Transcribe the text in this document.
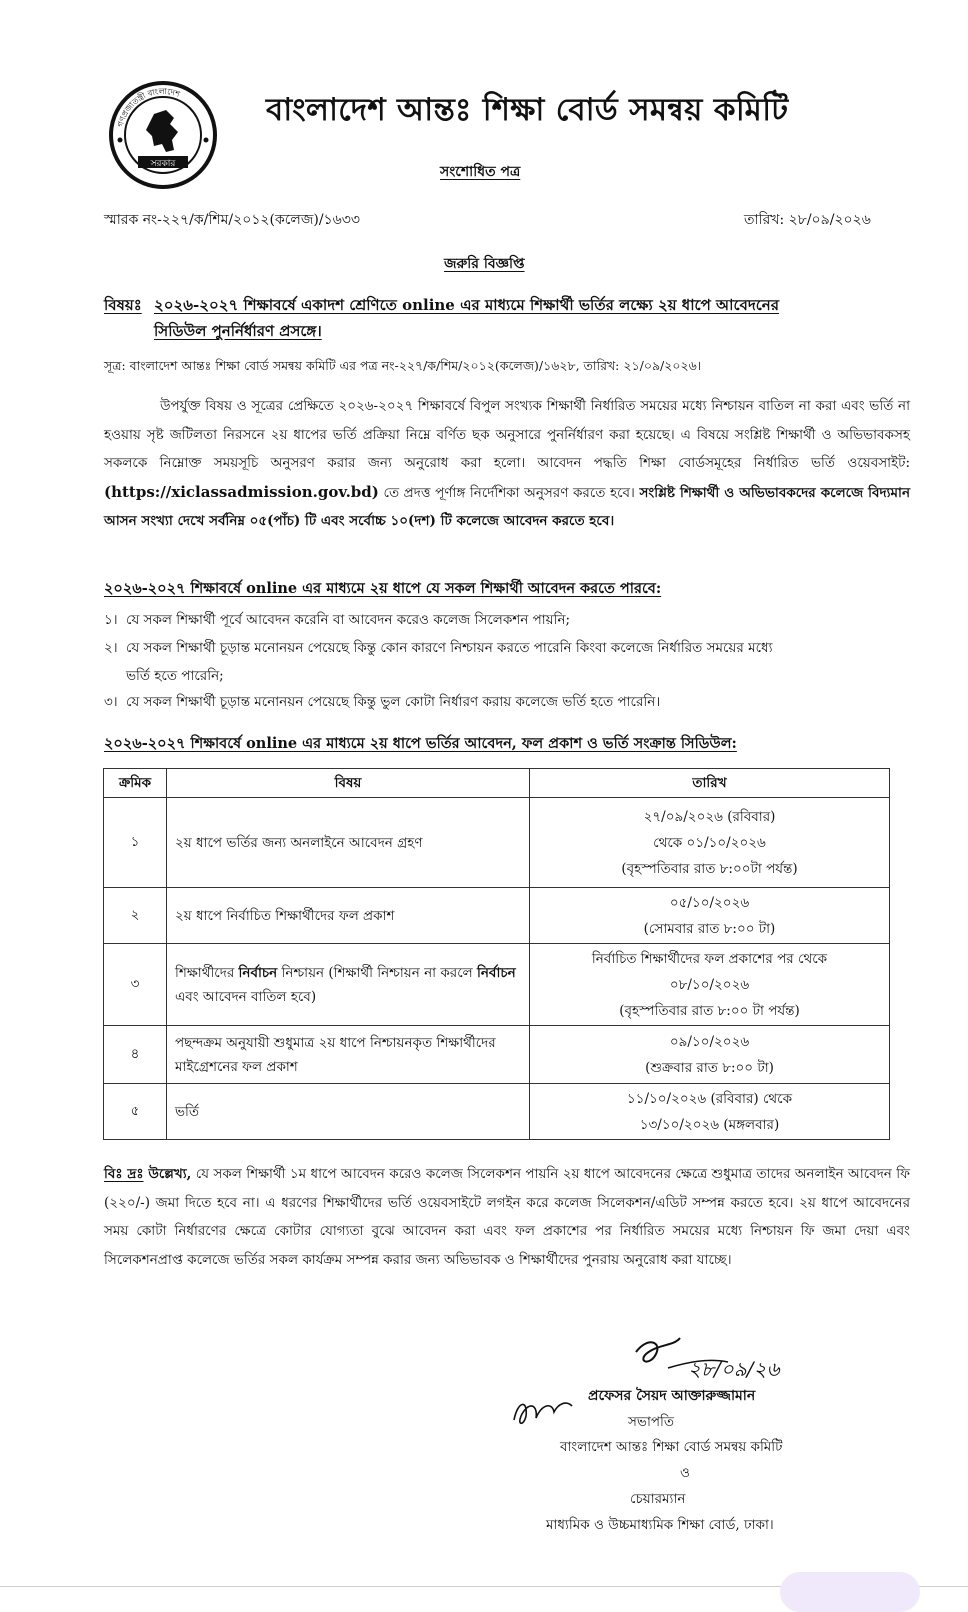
সরকার
গণপ্রজাতন্ত্রী বাংলাদেশ	বাংলাদেশ আন্তঃ শিক্ষা বোর্ড সমন্বয় কমিটি
সংশোধিত পত্র
স্মারক নং-২২৭/ক/শিম/২০১২(কলেজ)/১৬৩৩	তারিখ: ২৮/০৯/২০২৬
জরুরি বিজ্ঞপ্তি
বিষয়ঃ ২০২৬-২০২৭ শিক্ষাবর্ষে একাদশ শ্রেণিতে online এর মাধ্যমে শিক্ষার্থী ভর্তির লক্ষ্যে ২য় ধাপে আবেদনের
সিডিউল পুনর্নির্ধারণ প্রসঙ্গে।
সূত্র: বাংলাদেশ আন্তঃ শিক্ষা বোর্ড সমন্বয় কমিটি এর পত্র নং-২২৭/ক/শিম/২০১২(কলেজ)/১৬২৮, তারিখ: ২১/০৯/২০২৬।
উপর্যুক্ত বিষয় ও সূত্রের প্রেক্ষিতে ২০২৬-২০২৭ শিক্ষাবর্ষে বিপুল সংখ্যক শিক্ষার্থী নির্ধারিত সময়ের মধ্যে নিশ্চায়ন বাতিল না করা এবং ভর্তি না হওয়ায় সৃষ্ট জটিলতা নিরসনে ২য় ধাপের ভর্তি প্রক্রিয়া নিম্নে বর্ণিত ছক অনুসারে পুনর্নির্ধারণ করা হয়েছে। এ বিষয়ে সংশ্লিষ্ট শিক্ষার্থী ও অভিভাবকসহ সকলকে নিম্নোক্ত সময়সূচি অনুসরণ করার জন্য অনুরোধ করা হলো। আবেদন পদ্ধতি শিক্ষা বোর্ডসমূহের নির্ধারিত ভর্তি ওয়েবসাইট: (https://xiclassadmission.gov.bd) তে প্রদত্ত পূর্ণাঙ্গ নির্দেশিকা অনুসরণ করতে হবে। সংশ্লিষ্ট শিক্ষার্থী ও অভিভাবকদের কলেজে বিদ্যমান আসন সংখ্যা দেখে সর্বনিম্ন ০৫(পাঁচ) টি এবং সর্বোচ্চ ১০(দশ) টি কলেজে আবেদন করতে হবে।
২০২৬-২০২৭ শিক্ষাবর্ষে online এর মাধ্যমে ২য় ধাপে যে সকল শিক্ষার্থী আবেদন করতে পারবে:
১। যে সকল শিক্ষার্থী পূর্বে আবেদন করেনি বা আবেদন করেও কলেজ সিলেকশন পায়নি;
২। যে সকল শিক্ষার্থী চূড়ান্ত মনোনয়ন পেয়েছে কিন্তু কোন কারণে নিশ্চায়ন করতে পারেনি কিংবা কলেজে নির্ধারিত সময়ের মধ্যে
ভর্তি হতে পারেনি;
৩। যে সকল শিক্ষার্থী চূড়ান্ত মনোনয়ন পেয়েছে কিন্তু ভুল কোটা নির্ধারণ করায় কলেজে ভর্তি হতে পারেনি।
২০২৬-২০২৭ শিক্ষাবর্ষে online এর মাধ্যমে ২য় ধাপে ভর্তির আবেদন, ফল প্রকাশ ও ভর্তি সংক্রান্ত সিডিউল:
ক্রমিক	বিষয়	তারিখ
১	২য় ধাপে ভর্তির জন্য অনলাইনে আবেদন গ্রহণ	২৭/০৯/২০২৬ (রবিবার)
থেকে ০১/১০/২০২৬
(বৃহস্পতিবার রাত ৮:০০টা পর্যন্ত)

২	২য় ধাপে নির্বাচিত শিক্ষার্থীদের ফল প্রকাশ	০৫/১০/২০২৬
(সোমবার রাত ৮:০০ টা)

৩	শিক্ষার্থীদের নির্বাচন নিশ্চায়ন (শিক্ষার্থী নিশ্চায়ন না করলে নির্বাচন এবং আবেদন বাতিল হবে)	নির্বাচিত শিক্ষার্থীদের ফল প্রকাশের পর থেকে
০৮/১০/২০২৬
(বৃহস্পতিবার রাত ৮:০০ টা পর্যন্ত)

৪	পছন্দক্রম অনুযায়ী শুধুমাত্র ২য় ধাপে নিশ্চায়নকৃত শিক্ষার্থীদের মাইগ্রেশনের ফল প্রকাশ	০৯/১০/২০২৬
(শুক্রবার রাত ৮:০০ টা)

৫	ভর্তি	১১/১০/২০২৬ (রবিবার) থেকে
১৩/১০/২০২৬ (মঙ্গলবার)
বিঃ দ্রঃ উল্লেখ্য, যে সকল শিক্ষার্থী ১ম ধাপে আবেদন করেও কলেজ সিলেকশন পায়নি ২য় ধাপে আবেদনের ক্ষেত্রে শুধুমাত্র তাদের অনলাইন আবেদন ফি (২২০/-) জমা দিতে হবে না। এ ধরণের শিক্ষার্থীদের ভর্তি ওয়েবসাইটে লগইন করে কলেজ সিলেকশন/এডিট সম্পন্ন করতে হবে। ২য় ধাপে আবেদনের সময় কোটা নির্ধারণের ক্ষেত্রে কোটার যোগ্যতা বুঝে আবেদন করা এবং ফল প্রকাশের পর নির্ধারিত সময়ের মধ্যে নিশ্চায়ন ফি জমা দেয়া এবং সিলেকশনপ্রাপ্ত কলেজে ভর্তির সকল কার্যক্রম সম্পন্ন করার জন্য অভিভাবক ও শিক্ষার্থীদের পুনরায় অনুরোধ করা যাচ্ছে।
২৮/০৯/২৬
প্রফেসর সৈয়দ আক্তারুজ্জামান
সভাপতি
বাংলাদেশ আন্তঃ শিক্ষা বোর্ড সমন্বয় কমিটি
ও
চেয়ারম্যান
মাধ্যমিক ও উচ্চমাধ্যমিক শিক্ষা বোর্ড, ঢাকা।
